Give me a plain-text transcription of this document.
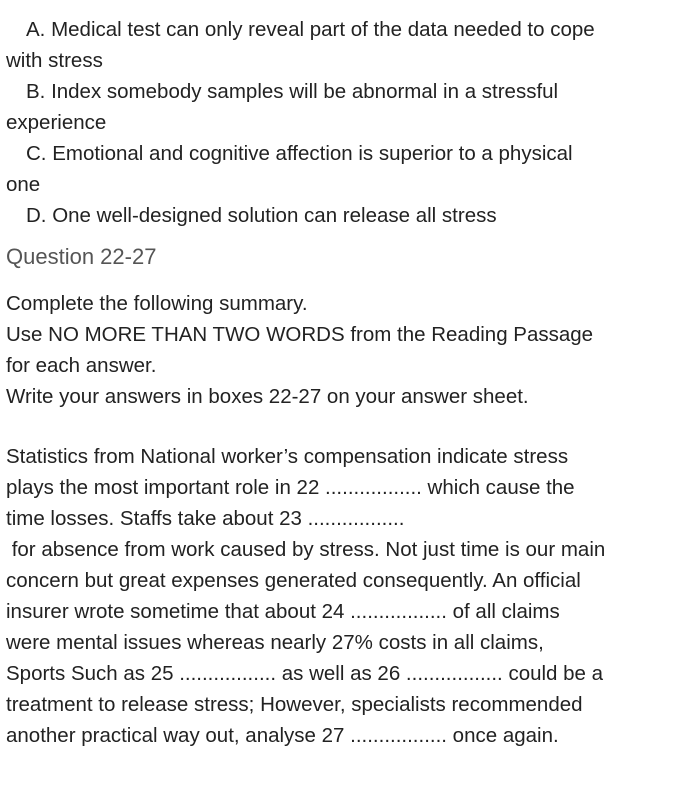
A. Medical test can only reveal part of the data needed to cope
with stress
B. Index somebody samples will be abnormal in a stressful
experience
C. Emotional and cognitive affection is superior to a physical
one
D. One well-designed solution can release all stress
Question 22-27

Complete the following summary.

Use NO MORE THAN TWO WORDS from the Reading Passage

for each answer.

Write your answers in boxes 22-27 on your answer sheet.

Statistics from National worker’s compensation indicate stress
plays the most important role in 22 ................. which cause the
time losses. Staffs take about 23 .................
for absence from work caused by stress. Not just time is our main
concern but great expenses generated consequently. An official
insurer wrote sometime that about 24 ................. of all claims
were mental issues whereas nearly 27% costs in all claims,
Sports Such as 25 ................. as well as 26 ................. could be a
treatment to release stress; However, specialists recommended
another practical way out, analyse 27 ................. once again.
